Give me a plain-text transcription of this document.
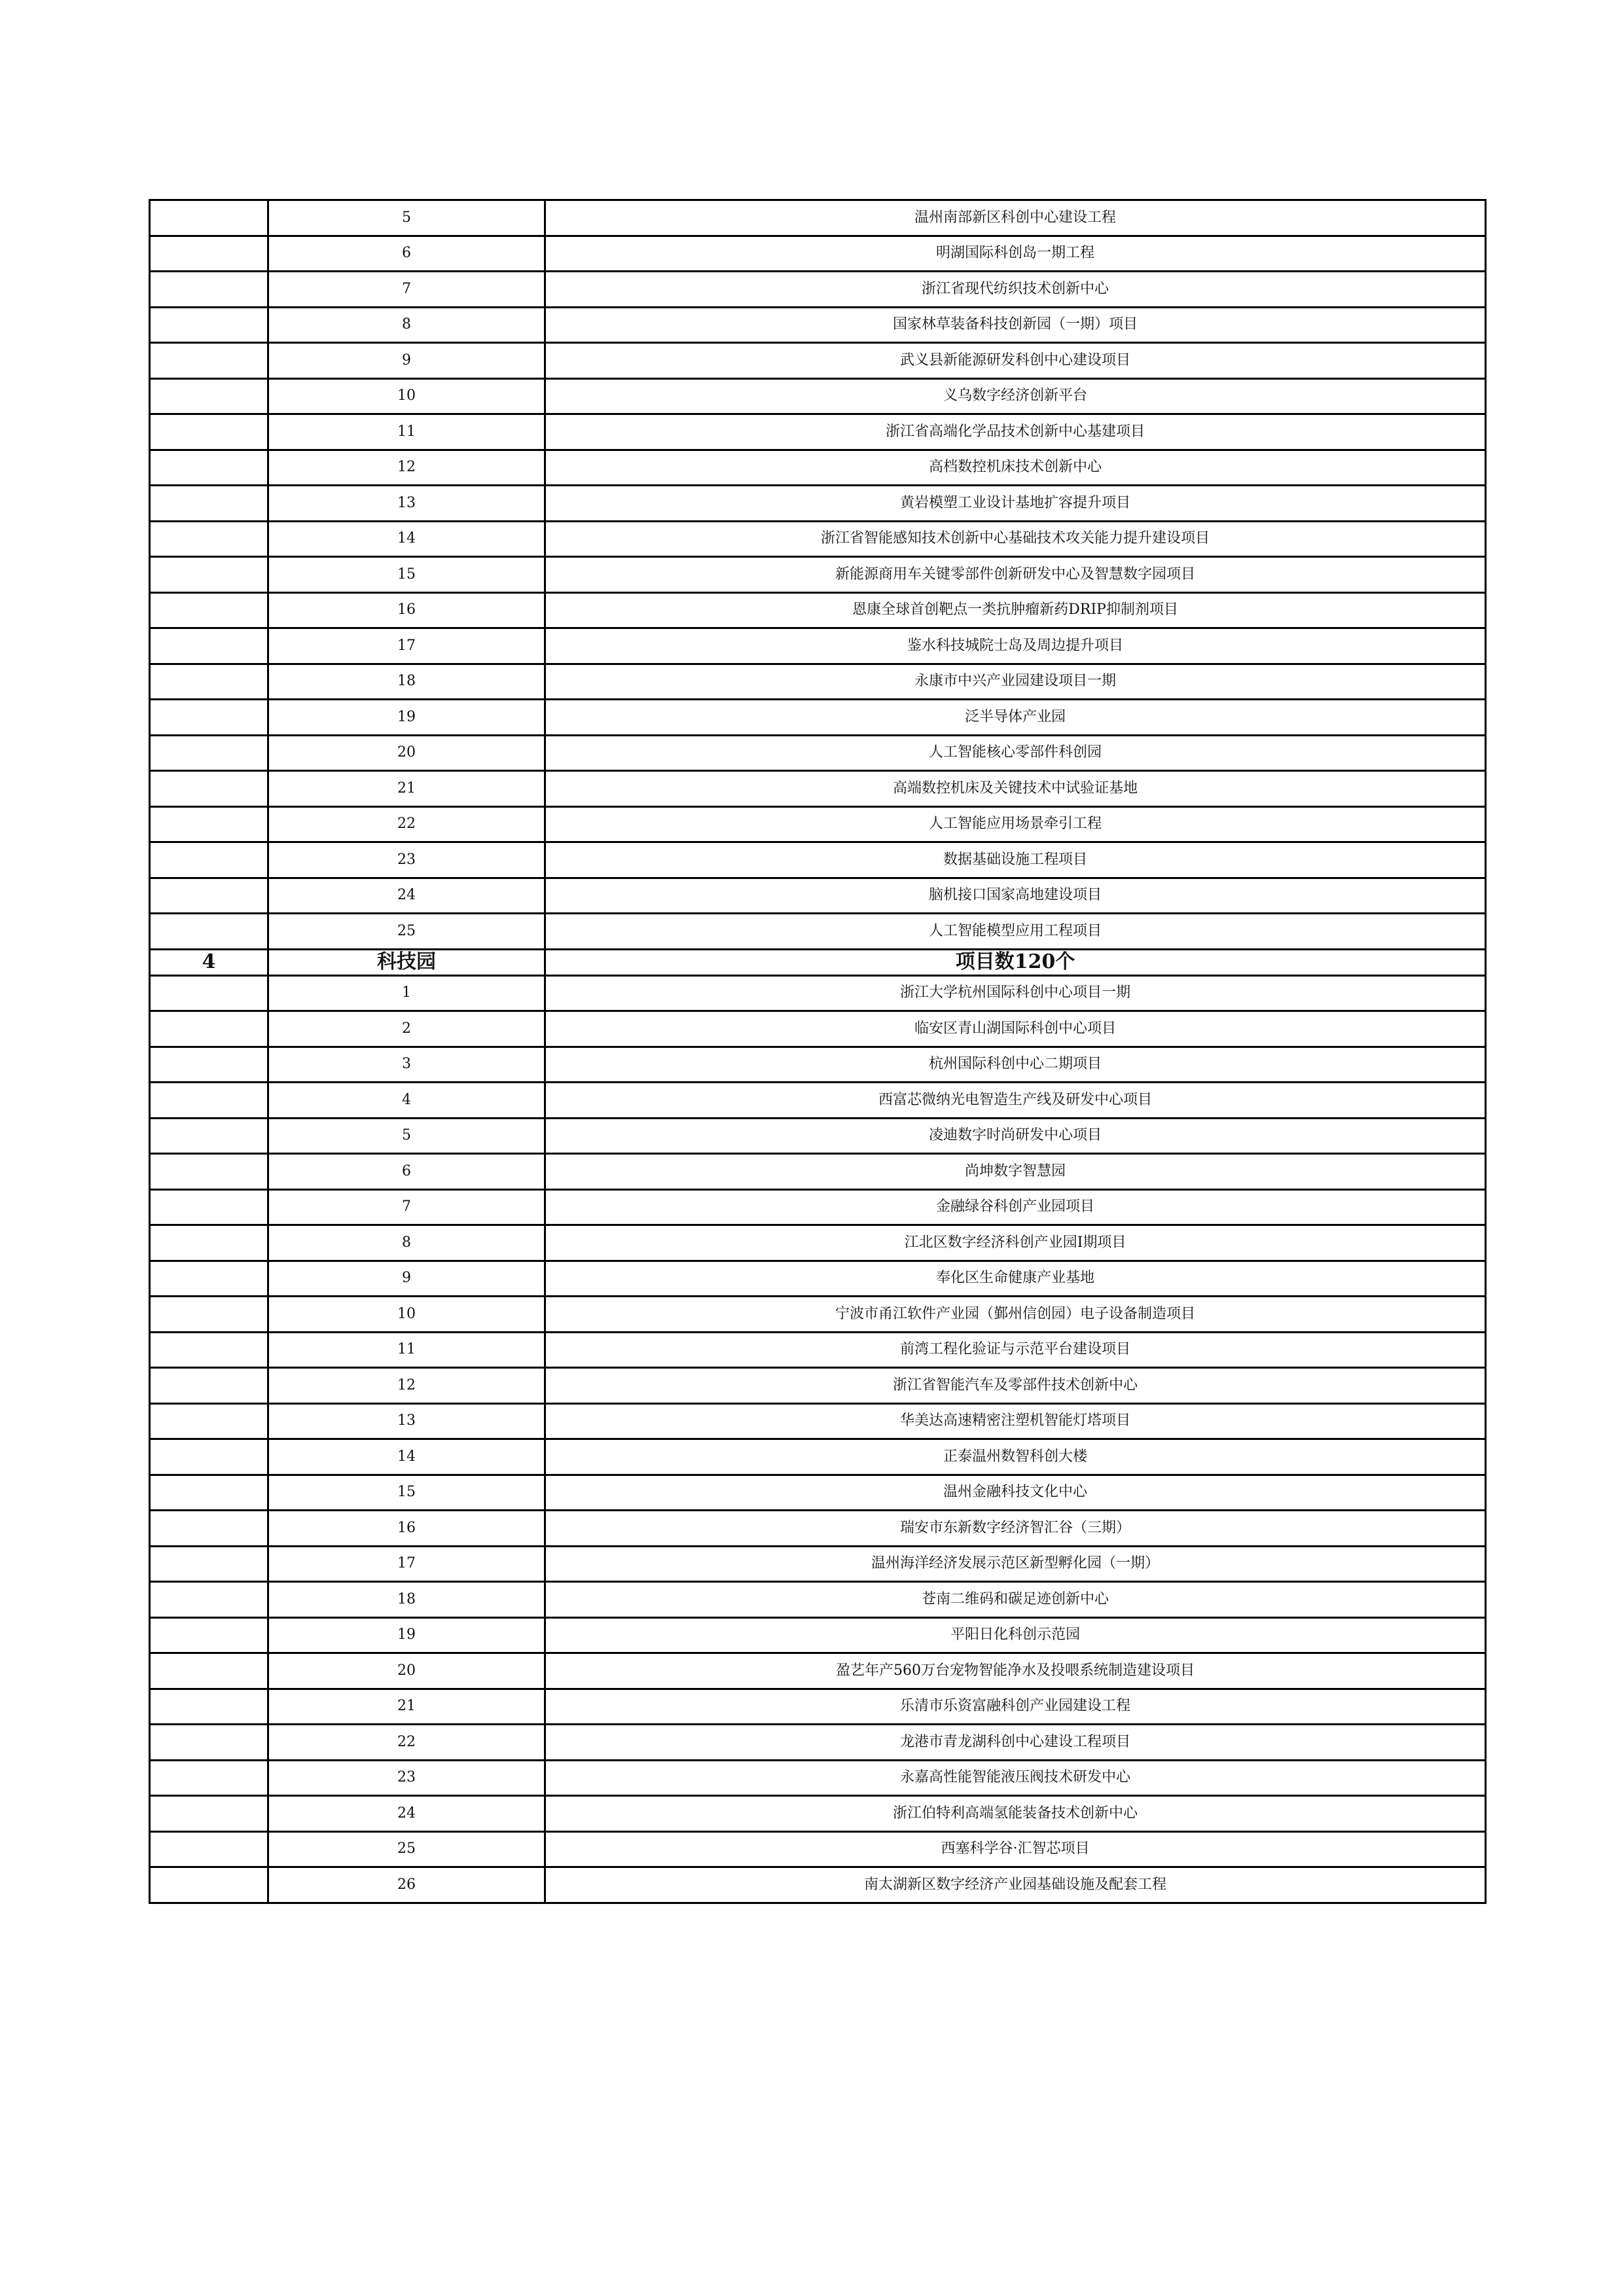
	5	温州南部新区科创中心建设工程
	6	明湖国际科创岛一期工程
	7	浙江省现代纺织技术创新中心
	8	国家林草装备科技创新园（一期）项目
	9	武义县新能源研发科创中心建设项目
	10	义乌数字经济创新平台
	11	浙江省高端化学品技术创新中心基建项目
	12	高档数控机床技术创新中心
	13	黄岩模塑工业设计基地扩容提升项目
	14	浙江省智能感知技术创新中心基础技术攻关能力提升建设项目
	15	新能源商用车关键零部件创新研发中心及智慧数字园项目
	16	恩康全球首创靶点一类抗肿瘤新药DRIP抑制剂项目
	17	鉴水科技城院士岛及周边提升项目
	18	永康市中兴产业园建设项目一期
	19	泛半导体产业园
	20	人工智能核心零部件科创园
	21	高端数控机床及关键技术中试验证基地
	22	人工智能应用场景牵引工程
	23	数据基础设施工程项目
	24	脑机接口国家高地建设项目
	25	人工智能模型应用工程项目
4	科技园	项目数120个
	1	浙江大学杭州国际科创中心项目一期
	2	临安区青山湖国际科创中心项目
	3	杭州国际科创中心二期项目
	4	西富芯微纳光电智造生产线及研发中心项目
	5	凌迪数字时尚研发中心项目
	6	尚坤数字智慧园
	7	金融绿谷科创产业园项目
	8	江北区数字经济科创产业园Ⅰ期项目
	9	奉化区生命健康产业基地
	10	宁波市甬江软件产业园（鄞州信创园）电子设备制造项目
	11	前湾工程化验证与示范平台建设项目
	12	浙江省智能汽车及零部件技术创新中心
	13	华美达高速精密注塑机智能灯塔项目
	14	正泰温州数智科创大楼
	15	温州金融科技文化中心
	16	瑞安市东新数字经济智汇谷（三期）
	17	温州海洋经济发展示范区新型孵化园（一期）
	18	苍南二维码和碳足迹创新中心
	19	平阳日化科创示范园
	20	盈艺年产560万台宠物智能净水及投喂系统制造建设项目
	21	乐清市乐资富融科创产业园建设工程
	22	龙港市青龙湖科创中心建设工程项目
	23	永嘉高性能智能液压阀技术研发中心
	24	浙江伯特利高端氢能装备技术创新中心
	25	西塞科学谷·汇智芯项目
	26	南太湖新区数字经济产业园基础设施及配套工程
